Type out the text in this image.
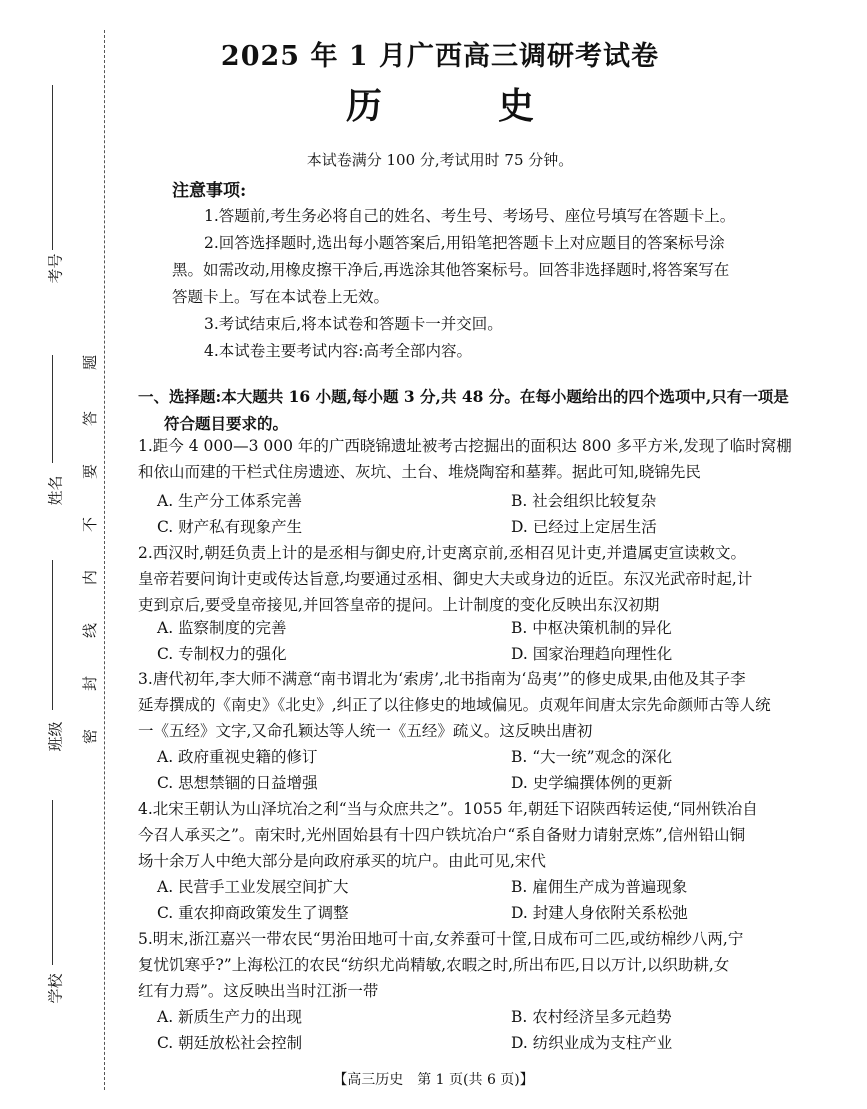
考号
姓名
班级
学校
题
答
要
不
内
线
封
密
2025 年 1 月广西高三调研考试卷
历　史
本试卷满分 100 分,考试用时 75 分钟。
注意事项:
1.答题前,考生务必将自己的姓名、考生号、考场号、座位号填写在答题卡上。
2.回答选择题时,选出每小题答案后,用铅笔把答题卡上对应题目的答案标号涂
黑。如需改动,用橡皮擦干净后,再选涂其他答案标号。回答非选择题时,将答案写在
答题卡上。写在本试卷上无效。
3.考试结束后,将本试卷和答题卡一并交回。
4.本试卷主要考试内容:高考全部内容。
一、选择题:本大题共 16 小题,每小题 3 分,共 48 分。在每小题给出的四个选项中,只有一项是
符合题目要求的。
1.距今 4 000—3 000 年的广西晓锦遗址被考古挖掘出的面积达 800 多平方米,发现了临时窝棚
和依山而建的干栏式住房遗迹、灰坑、土台、堆烧陶窑和墓葬。据此可知,晓锦先民
A. 生产分工体系完善	B. 社会组织比较复杂
C. 财产私有现象产生	D. 已经过上定居生活
2.西汉时,朝廷负责上计的是丞相与御史府,计吏离京前,丞相召见计吏,并遣属吏宣读敕文。
皇帝若要问询计吏或传达旨意,均要通过丞相、御史大夫或身边的近臣。东汉光武帝时起,计
吏到京后,要受皇帝接见,并回答皇帝的提问。上计制度的变化反映出东汉初期
A. 监察制度的完善	B. 中枢决策机制的异化
C. 专制权力的强化	D. 国家治理趋向理性化
3.唐代初年,李大师不满意“南书谓北为‘索虏’,北书指南为‘岛夷’”的修史成果,由他及其子李
延寿撰成的《南史》《北史》,纠正了以往修史的地域偏见。贞观年间唐太宗先命颜师古等人统
一《五经》文字,又命孔颖达等人统一《五经》疏义。这反映出唐初
A. 政府重视史籍的修订	B. “大一统”观念的深化
C. 思想禁锢的日益增强	D. 史学编撰体例的更新
4.北宋王朝认为山泽坑冶之利“当与众庶共之”。1055 年,朝廷下诏陕西转运使,“同州铁冶自
今召人承买之”。南宋时,光州固始县有十四户铁坑冶户“系自备财力请射烹炼”,信州铅山铜
场十余万人中绝大部分是向政府承买的坑户。由此可见,宋代
A. 民营手工业发展空间扩大	B. 雇佣生产成为普遍现象
C. 重农抑商政策发生了调整	D. 封建人身依附关系松弛
5.明末,浙江嘉兴一带农民“男治田地可十亩,女养蚕可十筐,日成布可二匹,或纺棉纱八两,宁
复忧饥寒乎?”上海松江的农民“纺织尤尚精敏,农暇之时,所出布匹,日以万计,以织助耕,女
红有力焉”。这反映出当时江浙一带
A. 新质生产力的出现	B. 农村经济呈多元趋势
C. 朝廷放松社会控制	D. 纺织业成为支柱产业
【高三历史　第 1 页(共 6 页)】
